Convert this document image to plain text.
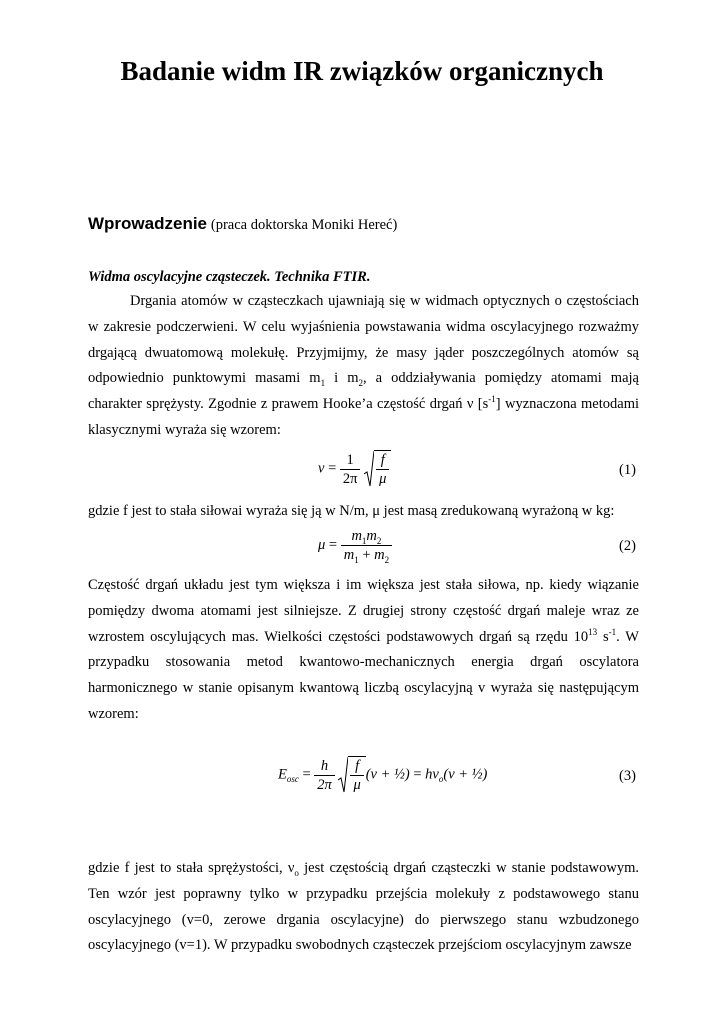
Badanie widm IR związków organicznych

Wprowadzenie (praca doktorska Moniki Hereć)

Widma oscylacyjne cząsteczek. Technika FTIR.

Drgania atomów w cząsteczkach ujawniają się w widmach optycznych o częstościach w zakresie podczerwieni. W celu wyjaśnienia powstawania widma oscylacyjnego rozważmy drgającą dwuatomową molekułę. Przyjmijmy, że masy jąder poszczególnych atomów są odpowiednio punktowymi masami $m_1$ i $m_2$, a oddziaływania pomiędzy atomami mają charakter sprężysty. Zgodnie z prawem Hooke’a częstość drgań ν $[s^{-1}]$ wyznaczona metodami klasycznymi wyraża się wzorem:

$\nu = \frac{1}{2\pi}$
$\frac{f}{\mu}$	(1)

gdzie f jest to stała siłowai wyraża się ją w N/m, μ jest masą zredukowaną wyrażoną w kg:

$\mu = \frac{m_1m_2}{m_1 + m_2}$	(2)

Częstość drgań układu jest tym większa i im większa jest stała siłowa, np. kiedy wiązanie pomiędzy dwoma atomami jest silniejsze. Z drugiej strony częstość drgań maleje wraz ze wzrostem oscylujących mas. Wielkości częstości podstawowych drgań są rzędu $10^{13}$ $s^{-1}$. W przypadku stosowania metod kwantowo-mechanicznych energia drgań oscylatora harmonicznego w stanie opisanym kwantową liczbą oscylacyjną v wyraża się następującym wzorem:

$E_{osc} = \frac{h}{2\pi}$
$\frac{f}{\mu} (\nu$ + ½) = $h\nu_o(\nu$ + ½)	(3)

gdzie f jest to stała sprężystości, $\nu_o$ jest częstością drgań cząsteczki w stanie podstawowym. Ten wzór jest poprawny tylko w przypadku przejścia molekuły z podstawowego stanu oscylacyjnego (v=0, zerowe drgania oscylacyjne) do pierwszego stanu wzbudzonego oscylacyjnego (v=1). W przypadku swobodnych cząsteczek przejściom oscylacyjnym zawsze
